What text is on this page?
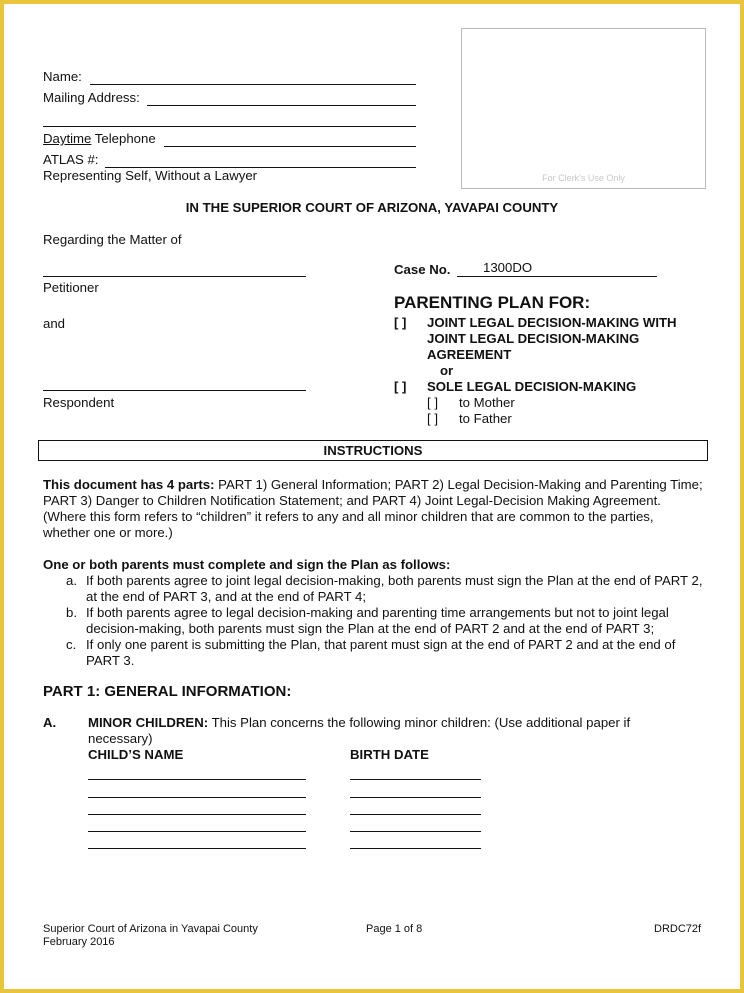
Name:
Mailing Address:
Daytime Telephone
ATLAS #:
Representing Self, Without a Lawyer	For Clerk's Use Only
IN THE SUPERIOR COURT OF ARIZONA, YAVAPAI COUNTY
Regarding the Matter of
Petitioner
and
Respondent
Case No. 1300DO
PARENTING PLAN FOR:
[ ] JOINT LEGAL DECISION-MAKING WITH
JOINT LEGAL DECISION-MAKING
AGREEMENT
or
[ ] SOLE LEGAL DECISION-MAKING
[ ] to Mother
[ ] to Father
INSTRUCTIONS
This document has 4 parts: PART 1) General Information; PART 2) Legal Decision-Making and Parenting Time; PART 3) Danger to Children Notification Statement; and PART 4) Joint Legal-Decision Making Agreement. (Where this form refers to “children” it refers to any and all minor children that are common to the parties, whether one or more.)
One or both parents must complete and sign the Plan as follows:
a. If both parents agree to joint legal decision-making, both parents must sign the Plan at the end of PART 2, at the end of PART 3, and at the end of PART 4;
b. If both parents agree to legal decision-making and parenting time arrangements but not to joint legal decision-making, both parents must sign the Plan at the end of PART 2 and at the end of PART 3;
c. If only one parent is submitting the Plan, that parent must sign at the end of PART 2 and at the end of PART 3.
PART 1: GENERAL INFORMATION:
A. MINOR CHILDREN: This Plan concerns the following minor children: (Use additional paper if necessary)
CHILD’S NAME	BIRTH DATE
Superior Court of Arizona in Yavapai County
February 2016
Page 1 of 8	DRDC72f
